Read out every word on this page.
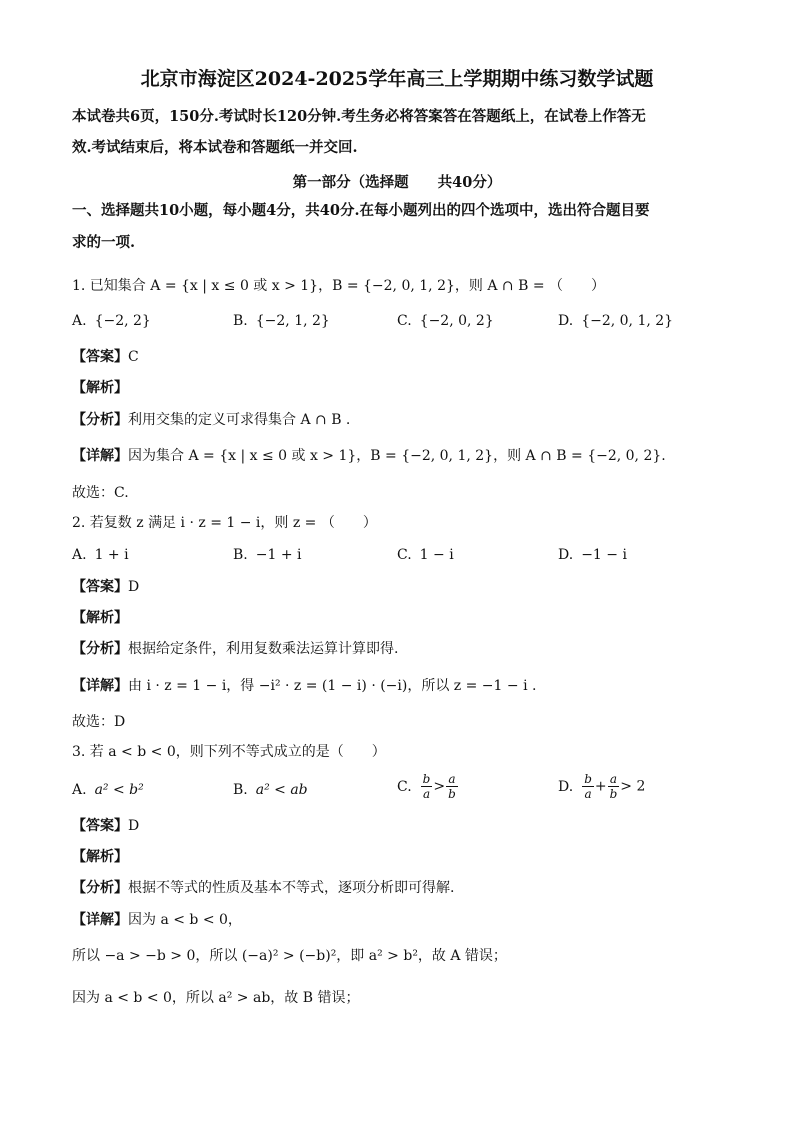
北京市海淀区2024-2025学年高三上学期期中练习数学试题
本试卷共6页，150分.考试时长120分钟.考生务必将答案答在答题纸上，在试卷上作答无
效.考试结束后，将本试卷和答题纸一并交回.
第一部分（选择题　　共40分）
一、选择题共10小题，每小题4分，共40分.在每小题列出的四个选项中，选出符合题目要
求的一项.
1. 已知集合 A = {x | x ≤ 0 或 x > 1}，B = {−2, 0, 1, 2}，则 A ∩ B = （　　）
A. {−2, 2}	B. {−2, 1, 2}	C. {−2, 0, 2}	D. {−2, 0, 1, 2}
【答案】C
【解析】
【分析】利用交集的定义可求得集合 A ∩ B .
【详解】因为集合 A = {x | x ≤ 0 或 x > 1}，B = {−2, 0, 1, 2}，则 A ∩ B = {−2, 0, 2}.
故选：C.
2. 若复数 z 满足 i · z = 1 − i，则 z = （　　）
A. 1 + i	B. −1 + i	C. 1 − i	D. −1 − i
【答案】D
【解析】
【分析】根据给定条件，利用复数乘法运算计算即得.
【详解】由 i · z = 1 − i，得 −i² · z = (1 − i) · (−i)，所以 z = −1 − i .
故选：D
3. 若 a < b < 0，则下列不等式成立的是（　　）
A. a² < b²	B. a² < ab	C. $\frac{b}{a} > \frac{a}{b}$	D. $\frac{b}{a} + \frac{a}{b} > 2$
【答案】D
【解析】
【分析】根据不等式的性质及基本不等式，逐项分析即可得解.
【详解】因为 a < b < 0，
所以 −a > −b > 0，所以 (−a)² > (−b)²，即 a² > b²，故 A 错误；
因为 a < b < 0，所以 a² > ab，故 B 错误；
